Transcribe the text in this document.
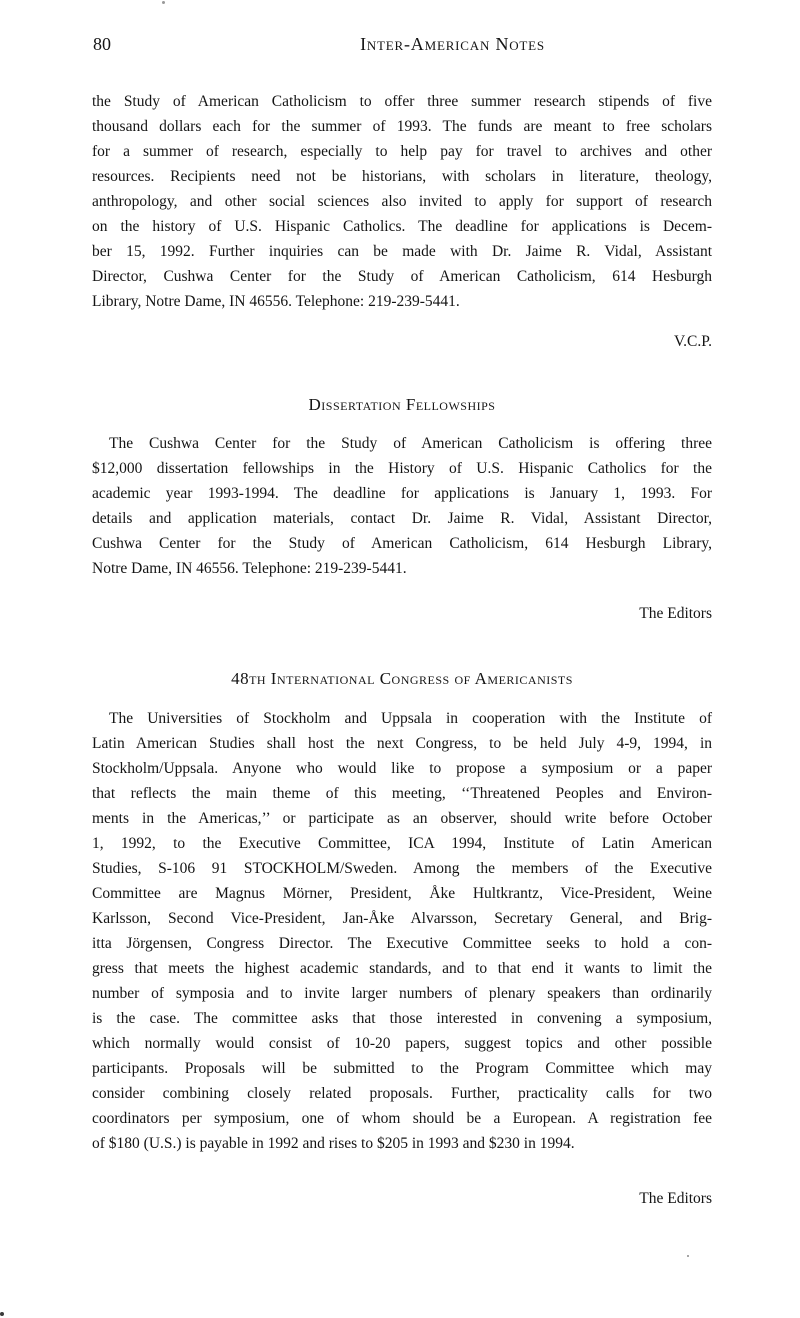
80	Inter-American Notes
the Study of American Catholicism to offer three summer research stipends of five
thousand dollars each for the summer of 1993. The funds are meant to free scholars
for a summer of research, especially to help pay for travel to archives and other
resources. Recipients need not be historians, with scholars in literature, theology,
anthropology, and other social sciences also invited to apply for support of research
on the history of U.S. Hispanic Catholics. The deadline for applications is Decem-
ber 15, 1992. Further inquiries can be made with Dr. Jaime R. Vidal, Assistant
Director, Cushwa Center for the Study of American Catholicism, 614 Hesburgh
Library, Notre Dame, IN 46556. Telephone: 219-239-5441.
V.C.P.
Dissertation Fellowships
The Cushwa Center for the Study of American Catholicism is offering three
$12,000 dissertation fellowships in the History of U.S. Hispanic Catholics for the
academic year 1993-1994. The deadline for applications is January 1, 1993. For
details and application materials, contact Dr. Jaime R. Vidal, Assistant Director,
Cushwa Center for the Study of American Catholicism, 614 Hesburgh Library,
Notre Dame, IN 46556. Telephone: 219-239-5441.
The Editors
48th International Congress of Americanists
The Universities of Stockholm and Uppsala in cooperation with the Institute of
Latin American Studies shall host the next Congress, to be held July 4-9, 1994, in
Stockholm/Uppsala. Anyone who would like to propose a symposium or a paper
that reflects the main theme of this meeting, ‘‘Threatened Peoples and Environ-
ments in the Americas,’’ or participate as an observer, should write before October
1, 1992, to the Executive Committee, ICA 1994, Institute of Latin American
Studies, S-106 91 STOCKHOLM/Sweden. Among the members of the Executive
Committee are Magnus Mörner, President, Åke Hultkrantz, Vice-President, Weine
Karlsson, Second Vice-President, Jan-Åke Alvarsson, Secretary General, and Brig-
itta Jörgensen, Congress Director. The Executive Committee seeks to hold a con-
gress that meets the highest academic standards, and to that end it wants to limit the
number of symposia and to invite larger numbers of plenary speakers than ordinarily
is the case. The committee asks that those interested in convening a symposium,
which normally would consist of 10-20 papers, suggest topics and other possible
participants. Proposals will be submitted to the Program Committee which may
consider combining closely related proposals. Further, practicality calls for two
coordinators per symposium, one of whom should be a European. A registration fee
of $180 (U.S.) is payable in 1992 and rises to $205 in 1993 and $230 in 1994.
The Editors
